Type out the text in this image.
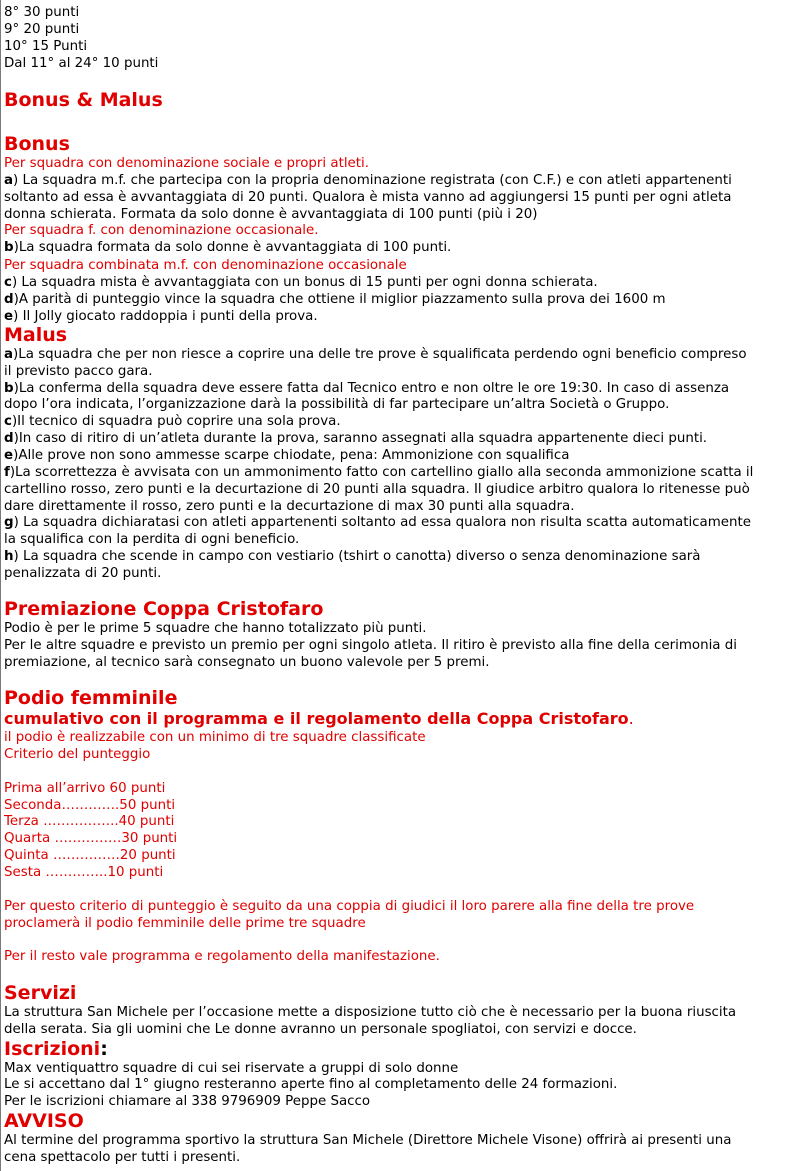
8° 30 punti
9° 20 punti
10° 15 Punti
Dal 11° al 24° 10 punti
Bonus & Malus
Bonus
Per squadra con denominazione sociale e propri atleti.
a) La squadra m.f. che partecipa con la propria denominazione registrata (con C.F.) e con atleti appartenenti
soltanto ad essa è avvantaggiata di 20 punti. Qualora è mista vanno ad aggiungersi 15 punti per ogni atleta
donna schierata. Formata da solo donne è avvantaggiata di 100 punti (più i 20)
Per squadra f. con denominazione occasionale.
b)La squadra formata da solo donne è avvantaggiata di 100 punti.
Per squadra combinata m.f. con denominazione occasionale
c) La squadra mista è avvantaggiata con un bonus di 15 punti per ogni donna schierata.
d)A parità di punteggio vince la squadra che ottiene il miglior piazzamento sulla prova dei 1600 m
e) Il Jolly giocato raddoppia i punti della prova.
Malus
a)La squadra che per non riesce a coprire una delle tre prove è squalificata perdendo ogni beneficio compreso
il previsto pacco gara.
b)La conferma della squadra deve essere fatta dal Tecnico entro e non oltre le ore 19:30. In caso di assenza
dopo l’ora indicata, l’organizzazione darà la possibilità di far partecipare un’altra Società o Gruppo.
c)Il tecnico di squadra può coprire una sola prova.
d)In caso di ritiro di un’atleta durante la prova, saranno assegnati alla squadra appartenente dieci punti.
e)Alle prove non sono ammesse scarpe chiodate, pena: Ammonizione con squalifica
f)La scorrettezza è avvisata con un ammonimento fatto con cartellino giallo alla seconda ammonizione scatta il
cartellino rosso, zero punti e la decurtazione di 20 punti alla squadra. Il giudice arbitro qualora lo ritenesse può
dare direttamente il rosso, zero punti e la decurtazione di max 30 punti alla squadra.
g) La squadra dichiaratasi con atleti appartenenti soltanto ad essa qualora non risulta scatta automaticamente
la squalifica con la perdita di ogni beneficio.
h) La squadra che scende in campo con vestiario (tshirt o canotta) diverso o senza denominazione sarà
penalizzata di 20 punti.
Premiazione Coppa Cristofaro
Podio è per le prime 5 squadre che hanno totalizzato più punti.
Per le altre squadre e previsto un premio per ogni singolo atleta. Il ritiro è previsto alla fine della cerimonia di
premiazione, al tecnico sarà consegnato un buono valevole per 5 premi.
Podio femminile
cumulativo con il programma e il regolamento della Coppa Cristofaro.
il podio è realizzabile con un minimo di tre squadre classificate
Criterio del punteggio
Prima all’arrivo 60 punti
Seconda………….50 punti
Terza ……………..40 punti
Quarta ……………30 punti
Quinta ……………20 punti
Sesta …………..10 punti
Per questo criterio di punteggio è seguito da una coppia di giudici il loro parere alla fine della tre prove
proclamerà il podio femminile delle prime tre squadre
Per il resto vale programma e regolamento della manifestazione.
Servizi
La struttura San Michele per l’occasione mette a disposizione tutto ciò che è necessario per la buona riuscita
della serata. Sia gli uomini che Le donne avranno un personale spogliatoi, con servizi e docce.
Iscrizioni:
Max ventiquattro squadre di cui sei riservate a gruppi di solo donne
Le si accettano dal 1° giugno resteranno aperte fino al completamento delle 24 formazioni.
Per le iscrizioni chiamare al 338 9796909 Peppe Sacco
AVVISO
Al termine del programma sportivo la struttura San Michele (Direttore Michele Visone) offrirà ai presenti una
cena spettacolo per tutti i presenti.
